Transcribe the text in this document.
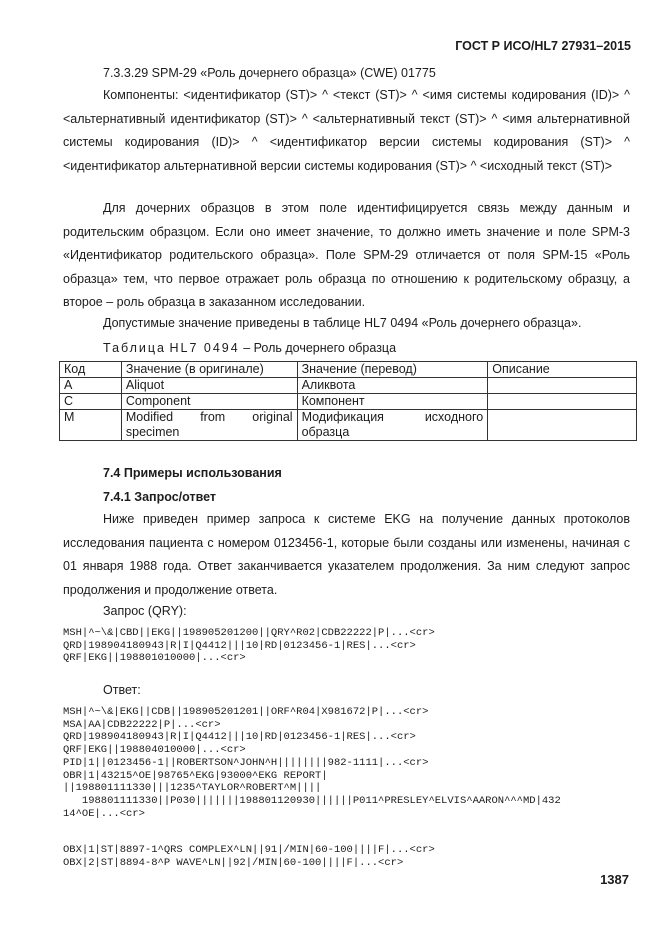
ГОСТ Р ИСО/HL7 27931–2015

7.3.3.29 SPM-29 «Роль дочернего образца» (CWE) 01775

Компоненты: <идентификатор (ST)> ^ <текст (ST)> ^ <имя системы кодирования (ID)> ^ <альтернативный идентификатор (ST)> ^ <альтернативный текст (ST)> ^ <имя альтернативной системы кодирования (ID)> ^ <идентификатор версии системы кодирования (ST)> ^ <идентификатор альтернативной версии системы кодирования (ST)> ^ <исходный текст (ST)>

Для дочерних образцов в этом поле идентифицируется связь между данным и родительским образцом. Если оно имеет значение, то должно иметь значение и поле SPM-3 «Идентификатор родительского образца». Поле SPM-29 отличается от поля SPM-15 «Роль образца» тем, что первое отражает роль образца по отношению к родительскому образцу, а второе – роль образца в заказанном исследовании.

Допустимые значение приведены в таблице HL7 0494 «Роль дочернего образца».

Таблица HL7 0494 – Роль дочернего образца
Код	Значение (в оригинале)	Значение (перевод)	Описание
A	Aliquot	Аликвота	
C	Component	Компонент	
M	Modified from original specimen	Модификация исходного образца	

7.4 Примеры использования

7.4.1 Запрос/ответ

Ниже приведен пример запроса к системе EKG на получение данных протоколов исследования пациента с номером 0123456-1, которые были созданы или изменены, начиная с 01 января 1988 года. Ответ заканчивается указателем продолжения. За ним следуют запрос продолжения и продолжение ответа.

Запрос (QRY):
MSH|^~\&|CBD||EKG||198905201200||QRY^R02|CDB22222|P|...<cr>
QRD|198904180943|R|I|Q4412|||10|RD|0123456-1|RES|...<cr>
QRF|EKG||198801010000|...<cr>
Ответ:
MSH|^~\&|EKG||CDB||198905201201||ORF^R04|X981672|P|...<cr>
MSA|AA|CDB22222|P|...<cr>
QRD|198904180943|R|I|Q4412|||10|RD|0123456-1|RES|...<cr>
QRF|EKG||198804010000|...<cr>
PID|1||0123456-1||ROBERTSON^JOHN^H||||||||982-1111|...<cr>
OBR|1|43215^OE|98765^EKG|93000^EKG REPORT|
||198801111330|||1235^TAYLOR^ROBERT^M||||
198801111330||P030|||||||198801120930||||||P011^PRESLEY^ELVIS^AARON^^^MD|432
14^OE|...<cr>
OBX|1|ST|8897-1^QRS COMPLEX^LN||91|/MIN|60-100||||F|...<cr>
OBX|2|ST|8894-8^P WAVE^LN||92|/MIN|60-100||||F|...<cr>
1387
